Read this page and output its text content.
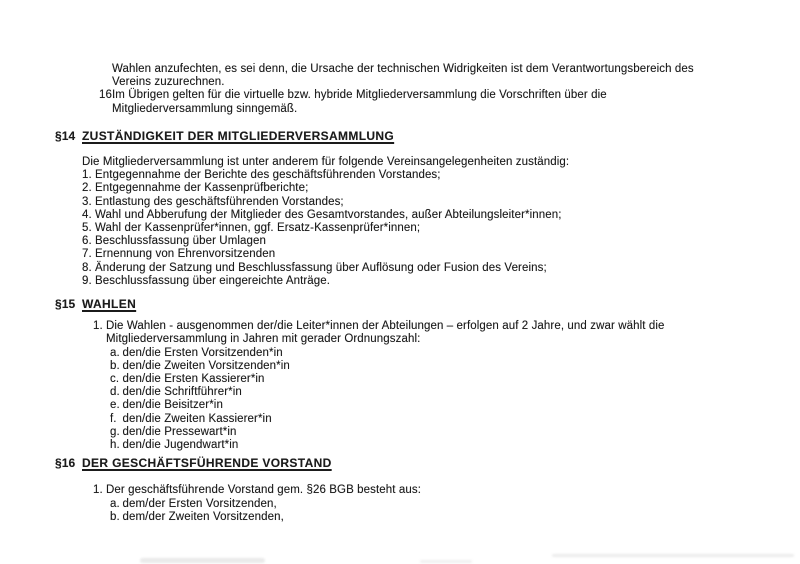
Wahlen anzufechten, es sei denn, die Ursache der technischen Widrigkeiten ist dem Verantwortungsbereich des
Vereins zuzurechnen.
16.
Im Übrigen gelten für die virtuelle bzw. hybride Mitgliederversammlung die Vorschriften über die
Mitgliederversammlung sinngemäß.
§14 ZUSTÄNDIGKEIT DER MITGLIEDERVERSAMMLUNG
Die Mitgliederversammlung ist unter anderem für folgende Vereinsangelegenheiten zuständig:
1. Entgegennahme der Berichte des geschäftsführenden Vorstandes;
2. Entgegennahme der Kassenprüfberichte;
3. Entlastung des geschäftsführenden Vorstandes;
4. Wahl und Abberufung der Mitglieder des Gesamtvorstandes, außer Abteilungsleiter*innen;
5. Wahl der Kassenprüfer*innen, ggf. Ersatz-Kassenprüfer*innen;
6. Beschlussfassung über Umlagen
7. Ernennung von Ehrenvorsitzenden
8. Änderung der Satzung und Beschlussfassung über Auflösung oder Fusion des Vereins;
9. Beschlussfassung über eingereichte Anträge.
§15 WAHLEN
1. Die Wahlen - ausgenommen der/die Leiter*innen der Abteilungen – erfolgen auf 2 Jahre, und zwar wählt die
Mitgliederversammlung in Jahren mit gerader Ordnungszahl:
a. den/die Ersten Vorsitzenden*in
b. den/die Zweiten Vorsitzenden*in
c. den/die Ersten Kassierer*in
d. den/die Schriftführer*in
e. den/die Beisitzer*in
f. den/die Zweiten Kassierer*in
g. den/die Pressewart*in
h. den/die Jugendwart*in
§16 DER GESCHÄFTSFÜHRENDE VORSTAND
1. Der geschäftsführende Vorstand gem. §26 BGB besteht aus:
a. dem/der Ersten Vorsitzenden,
b. dem/der Zweiten Vorsitzenden,
